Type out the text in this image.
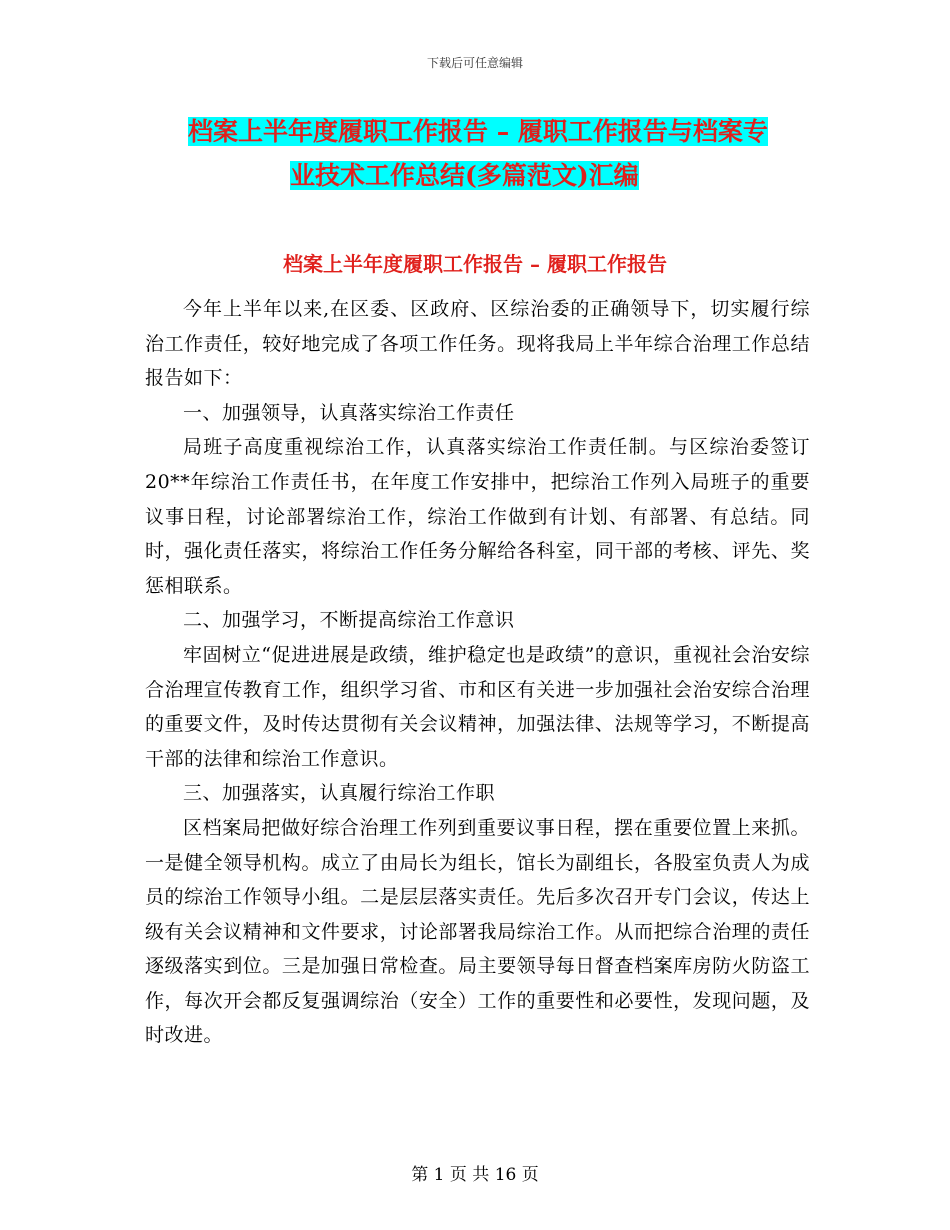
下载后可任意编辑
档案上半年度履职工作报告 – 履职工作报告与档案专
业技术工作总结(多篇范文)汇编
档案上半年度履职工作报告 – 履职工作报告

今年上半年以来,在区委、区政府、区综治委的正确领导下，切实履行综治工作责任，较好地完成了各项工作任务。现将我局上半年综合治理工作总结报告如下：

一、加强领导，认真落实综治工作责任

局班子高度重视综治工作，认真落实综治工作责任制。与区综治委签订20**年综治工作责任书，在年度工作安排中，把综治工作列入局班子的重要议事日程，讨论部署综治工作，综治工作做到有计划、有部署、有总结。同时，强化责任落实，将综治工作任务分解给各科室，同干部的考核、评先、奖惩相联系。

二、加强学习，不断提高综治工作意识

牢固树立“促进进展是政绩，维护稳定也是政绩”的意识，重视社会治安综合治理宣传教育工作，组织学习省、市和区有关进一步加强社会治安综合治理的重要文件，及时传达贯彻有关会议精神，加强法律、法规等学习，不断提高干部的法律和综治工作意识。

三、加强落实，认真履行综治工作职

区档案局把做好综合治理工作列到重要议事日程，摆在重要位置上来抓。一是健全领导机构。成立了由局长为组长，馆长为副组长，各股室负责人为成员的综治工作领导小组。二是层层落实责任。先后多次召开专门会议，传达上级有关会议精神和文件要求，讨论部署我局综治工作。从而把综合治理的责任逐级落实到位。三是加强日常检查。局主要领导每日督查档案库房防火防盗工作，每次开会都反复强调综治（安全）工作的重要性和必要性，发现问题，及时改进。

第 1 页 共 16 页
